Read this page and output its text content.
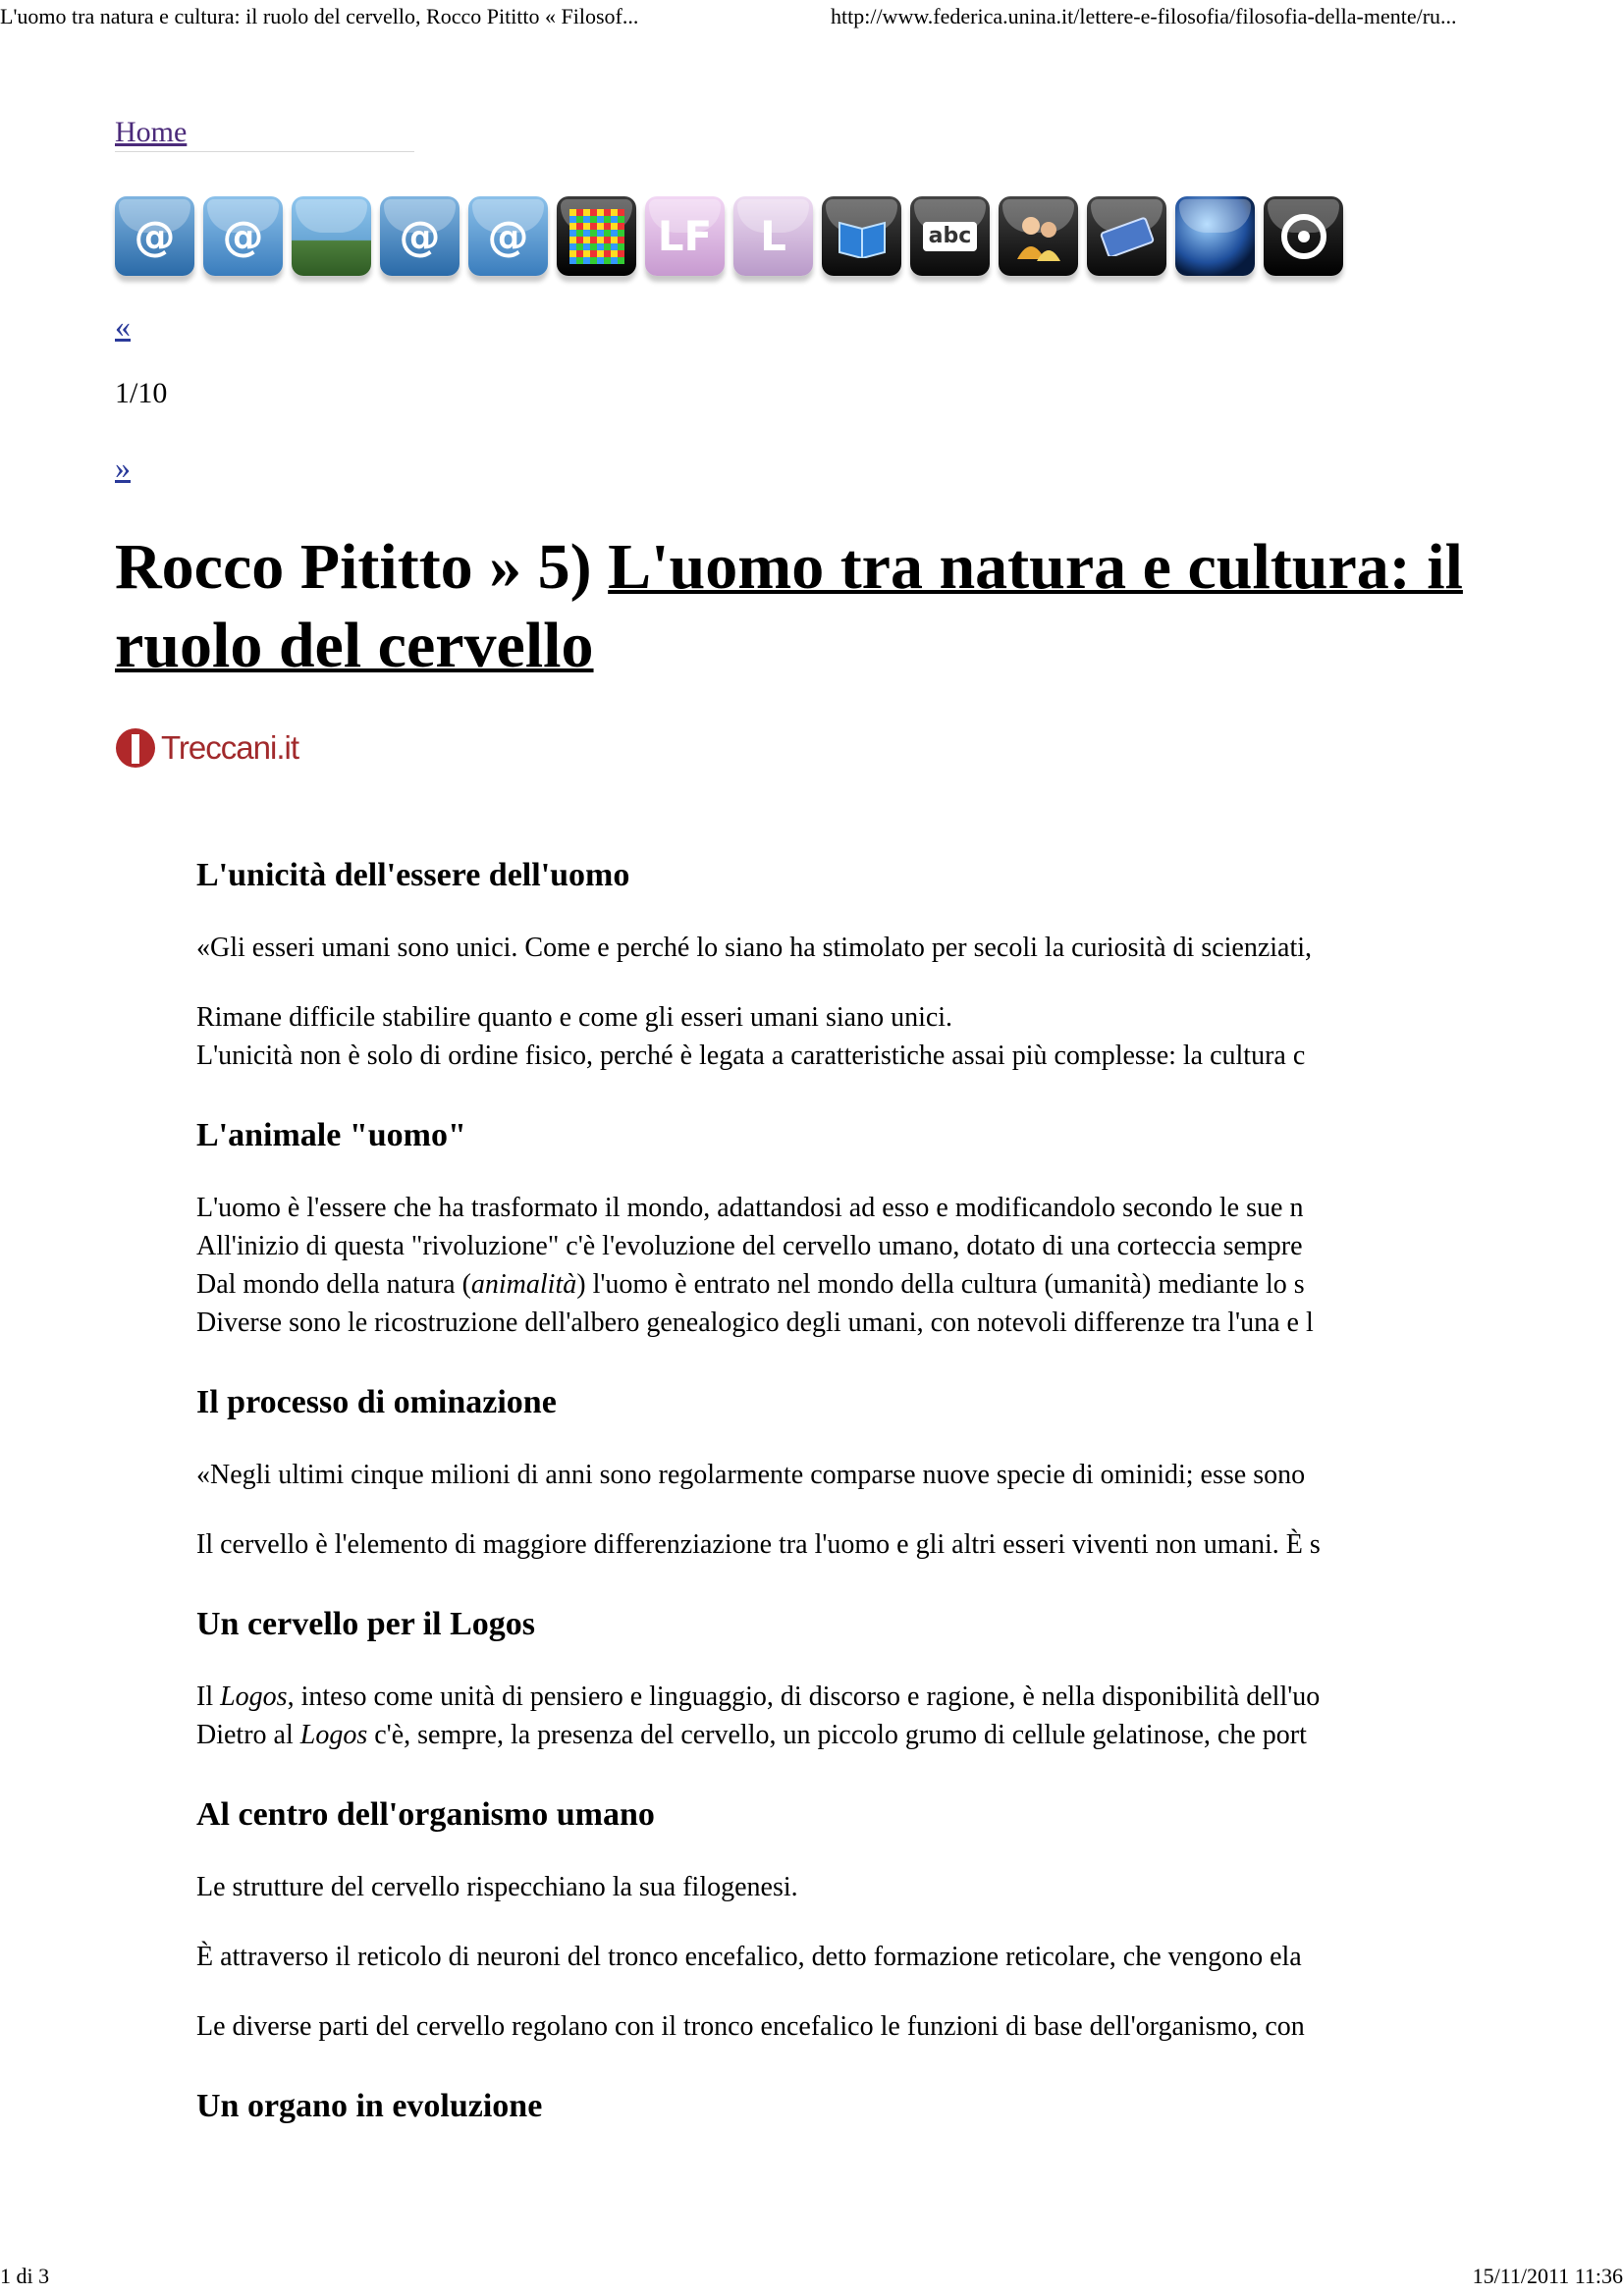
L'uomo tra natura e cultura: il ruolo del cervello, Rocco Pititto « Filosof...	http://www.federica.unina.it/lettere-e-filosofia/filosofia-della-mente/ru...
Home
@ @	@ @	LF L	abc
«
1/10
»
Rocco Pititto » 5) L'uomo tra natura e cultura: il ruolo del cervello
Treccani.it
L'unicità dell'essere dell'uomo

«Gli esseri umani sono unici. Come e perché lo siano ha stimolato per secoli la curiosità di scienziati,

Rimane difficile stabilire quanto e come gli esseri umani siano unici.

L'unicità non è solo di ordine fisico, perché è legata a caratteristiche assai più complesse: la cultura c

L'animale "uomo"

L'uomo è l'essere che ha trasformato il mondo, adattandosi ad esso e modificandolo secondo le sue n

All'inizio di questa "rivoluzione" c'è l'evoluzione del cervello umano, dotato di una corteccia sempre

Dal mondo della natura (animalità) l'uomo è entrato nel mondo della cultura (umanità) mediante lo s

Diverse sono le ricostruzione dell'albero genealogico degli umani, con notevoli differenze tra l'una e l

Il processo di ominazione

«Negli ultimi cinque milioni di anni sono regolarmente comparse nuove specie di ominidi; esse sono

Il cervello è l'elemento di maggiore differenziazione tra l'uomo e gli altri esseri viventi non umani. È s

Un cervello per il Logos

Il Logos, inteso come unità di pensiero e linguaggio, di discorso e ragione, è nella disponibilità dell'uo

Dietro al Logos c'è, sempre, la presenza del cervello, un piccolo grumo di cellule gelatinose, che port

Al centro dell'organismo umano

Le strutture del cervello rispecchiano la sua filogenesi.

È attraverso il reticolo di neuroni del tronco encefalico, detto formazione reticolare, che vengono ela

Le diverse parti del cervello regolano con il tronco encefalico le funzioni di base dell'organismo, con

Un organo in evoluzione
1 di 3	15/11/2011 11:36
